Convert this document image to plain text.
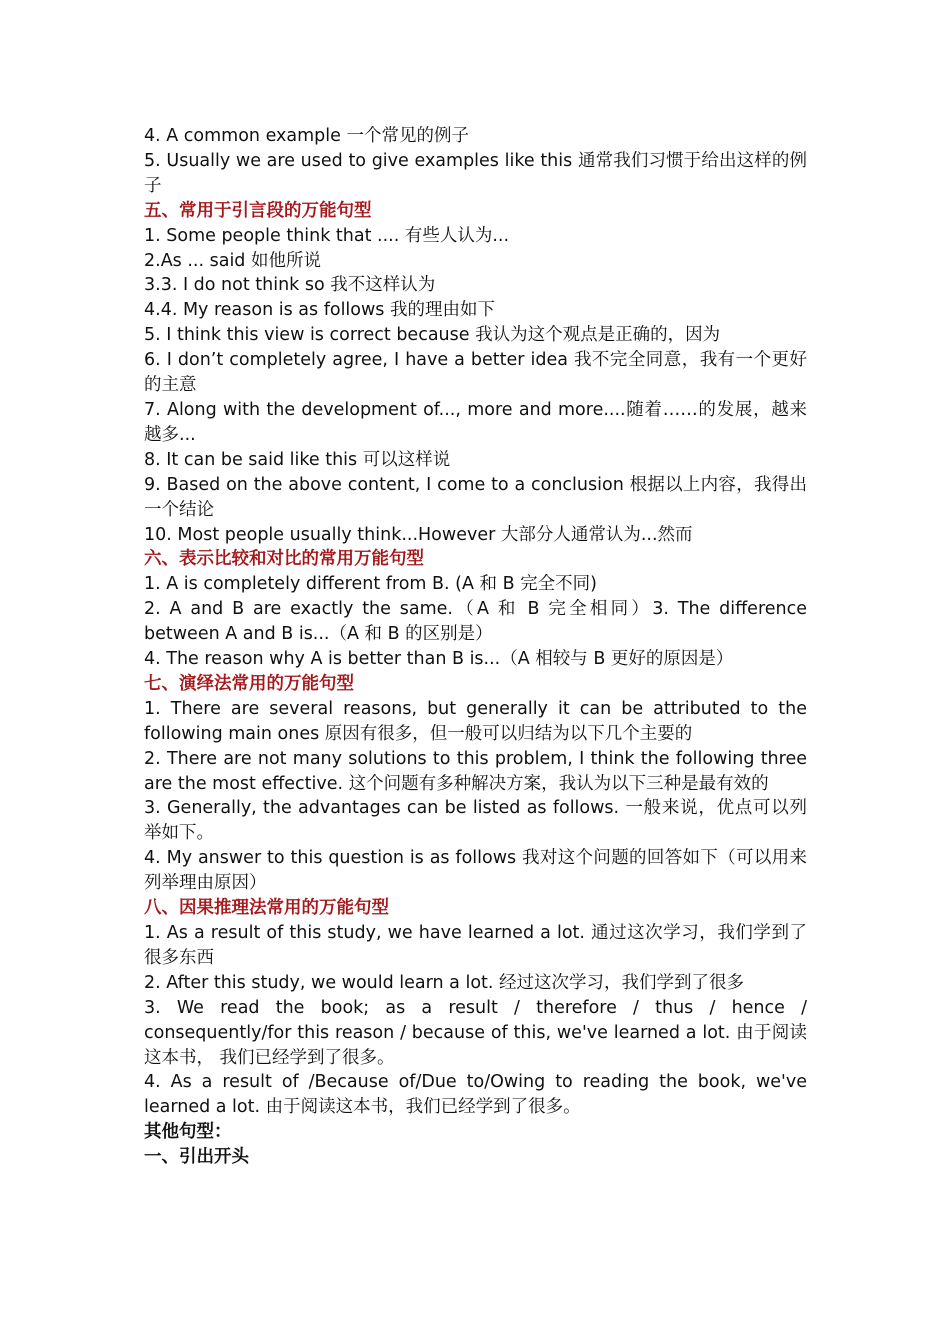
4. A common example 一个常见的例子

5. Usually we are used to give examples like this 通常我们习惯于给出这样的例子

五、常用于引言段的万能句型

1. Some people think that .... 有些人认为...

2.As ... said 如他所说

3.3. I do not think so 我不这样认为

4.4. My reason is as follows 我的理由如下

5. I think this view is correct because 我认为这个观点是正确的，因为

6. I don’t completely agree, I have a better idea 我不完全同意，我有一个更好的主意

7. Along with the development of..., more and more....随着……的发展，越来越多...

8. It can be said like this 可以这样说

9. Based on the above content, I come to a conclusion 根据以上内容，我得出一个结论

10. Most people usually think...However 大部分人通常认为...然而

六、表示比较和对比的常用万能句型

1. A is completely different from B. (A 和 B 完全不同)

2. A and B are exactly the same.（A 和 B 完全相同）3. The difference between A and B is...（A 和 B 的区别是）

4. The reason why A is better than B is...（A 相较与 B 更好的原因是）

七、演绎法常用的万能句型

1. There are several reasons, but generally it can be attributed to the following main ones 原因有很多，但一般可以归结为以下几个主要的

2. There are not many solutions to this problem, I think the following three are the most effective. 这个问题有多种解决方案，我认为以下三种是最有效的

3. Generally, the advantages can be listed as follows. 一般来说，优点可以列举如下。

4. My answer to this question is as follows 我对这个问题的回答如下（可以用来列举理由原因）

八、因果推理法常用的万能句型

1. As a result of this study, we have learned a lot. 通过这次学习，我们学到了很多东西

2. After this study, we would learn a lot. 经过这次学习，我们学到了很多

3. We read the book; as a result / therefore / thus / hence / consequently/for this reason / because of this, we've learned a lot. 由于阅读这本书， 我们已经学到了很多。

4. As a result of /Because of/Due to/Owing to reading the book, we've learned a lot. 由于阅读这本书，我们已经学到了很多。

其他句型：

一、引出开头
